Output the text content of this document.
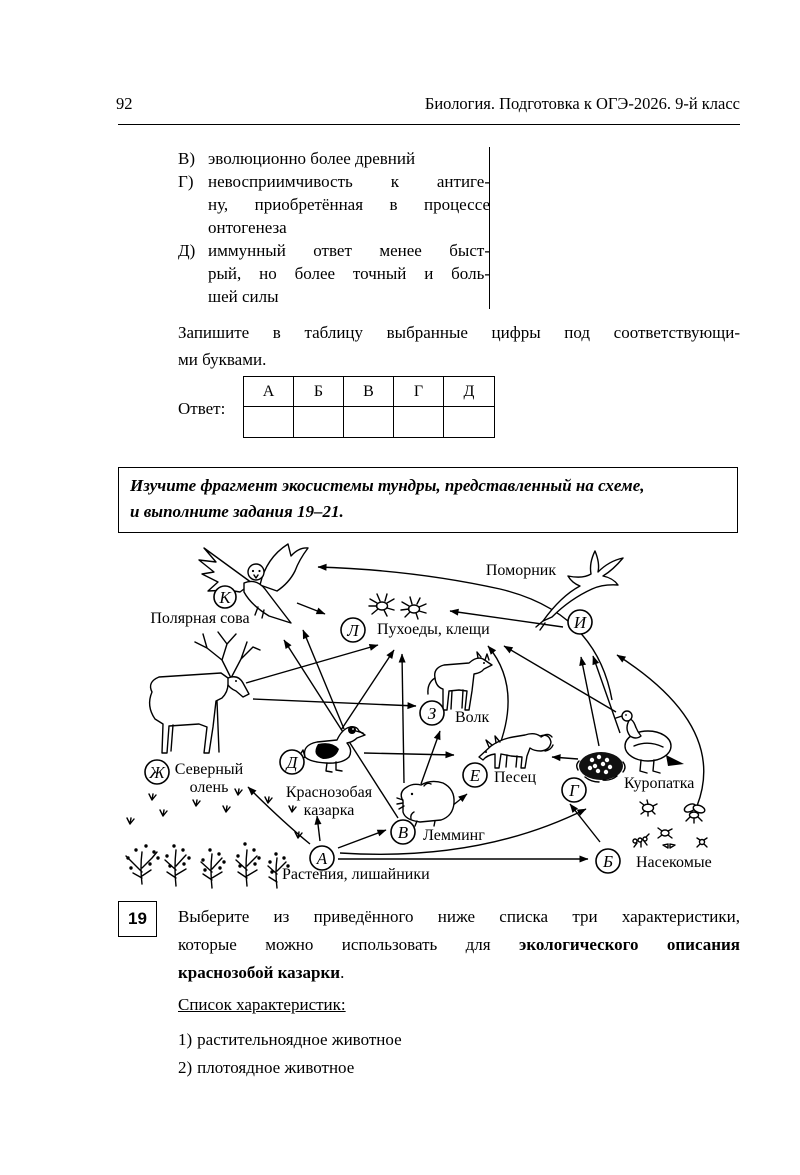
92	Биология. Подготовка к ОГЭ-2026. 9-й класс
В) эволюционно более древний
Г) невосприимчивость к антиге-
ну, приобретённая в процессе
онтогенеза
Д) иммунный ответ менее быст-
рый, но более точный и боль-
шей силы
Запишите в таблицу выбранные цифры под соответствующи-
ми буквами.
Ответ:
А	Б	В	Г	Д
Изучите фрагмент экосистемы тундры, представленный на схеме,
и выполните задания 19–21.
К
Л	И
З
Ж
Д
Е
Г
В
А	Б
Полярная сова
Поморник
Пухоеды, клещи
Волк
Северный
олень	Краснозобая
казарка
Песец
Лемминг
Куропатка
Насекомые
Растения, лишайники
19	Выберите из приведённого ниже списка три характеристики,
которые можно использовать для экологического описания
краснозобой казарки.
Список характеристик:
1) растительноядное животное
2) плотоядное животное
